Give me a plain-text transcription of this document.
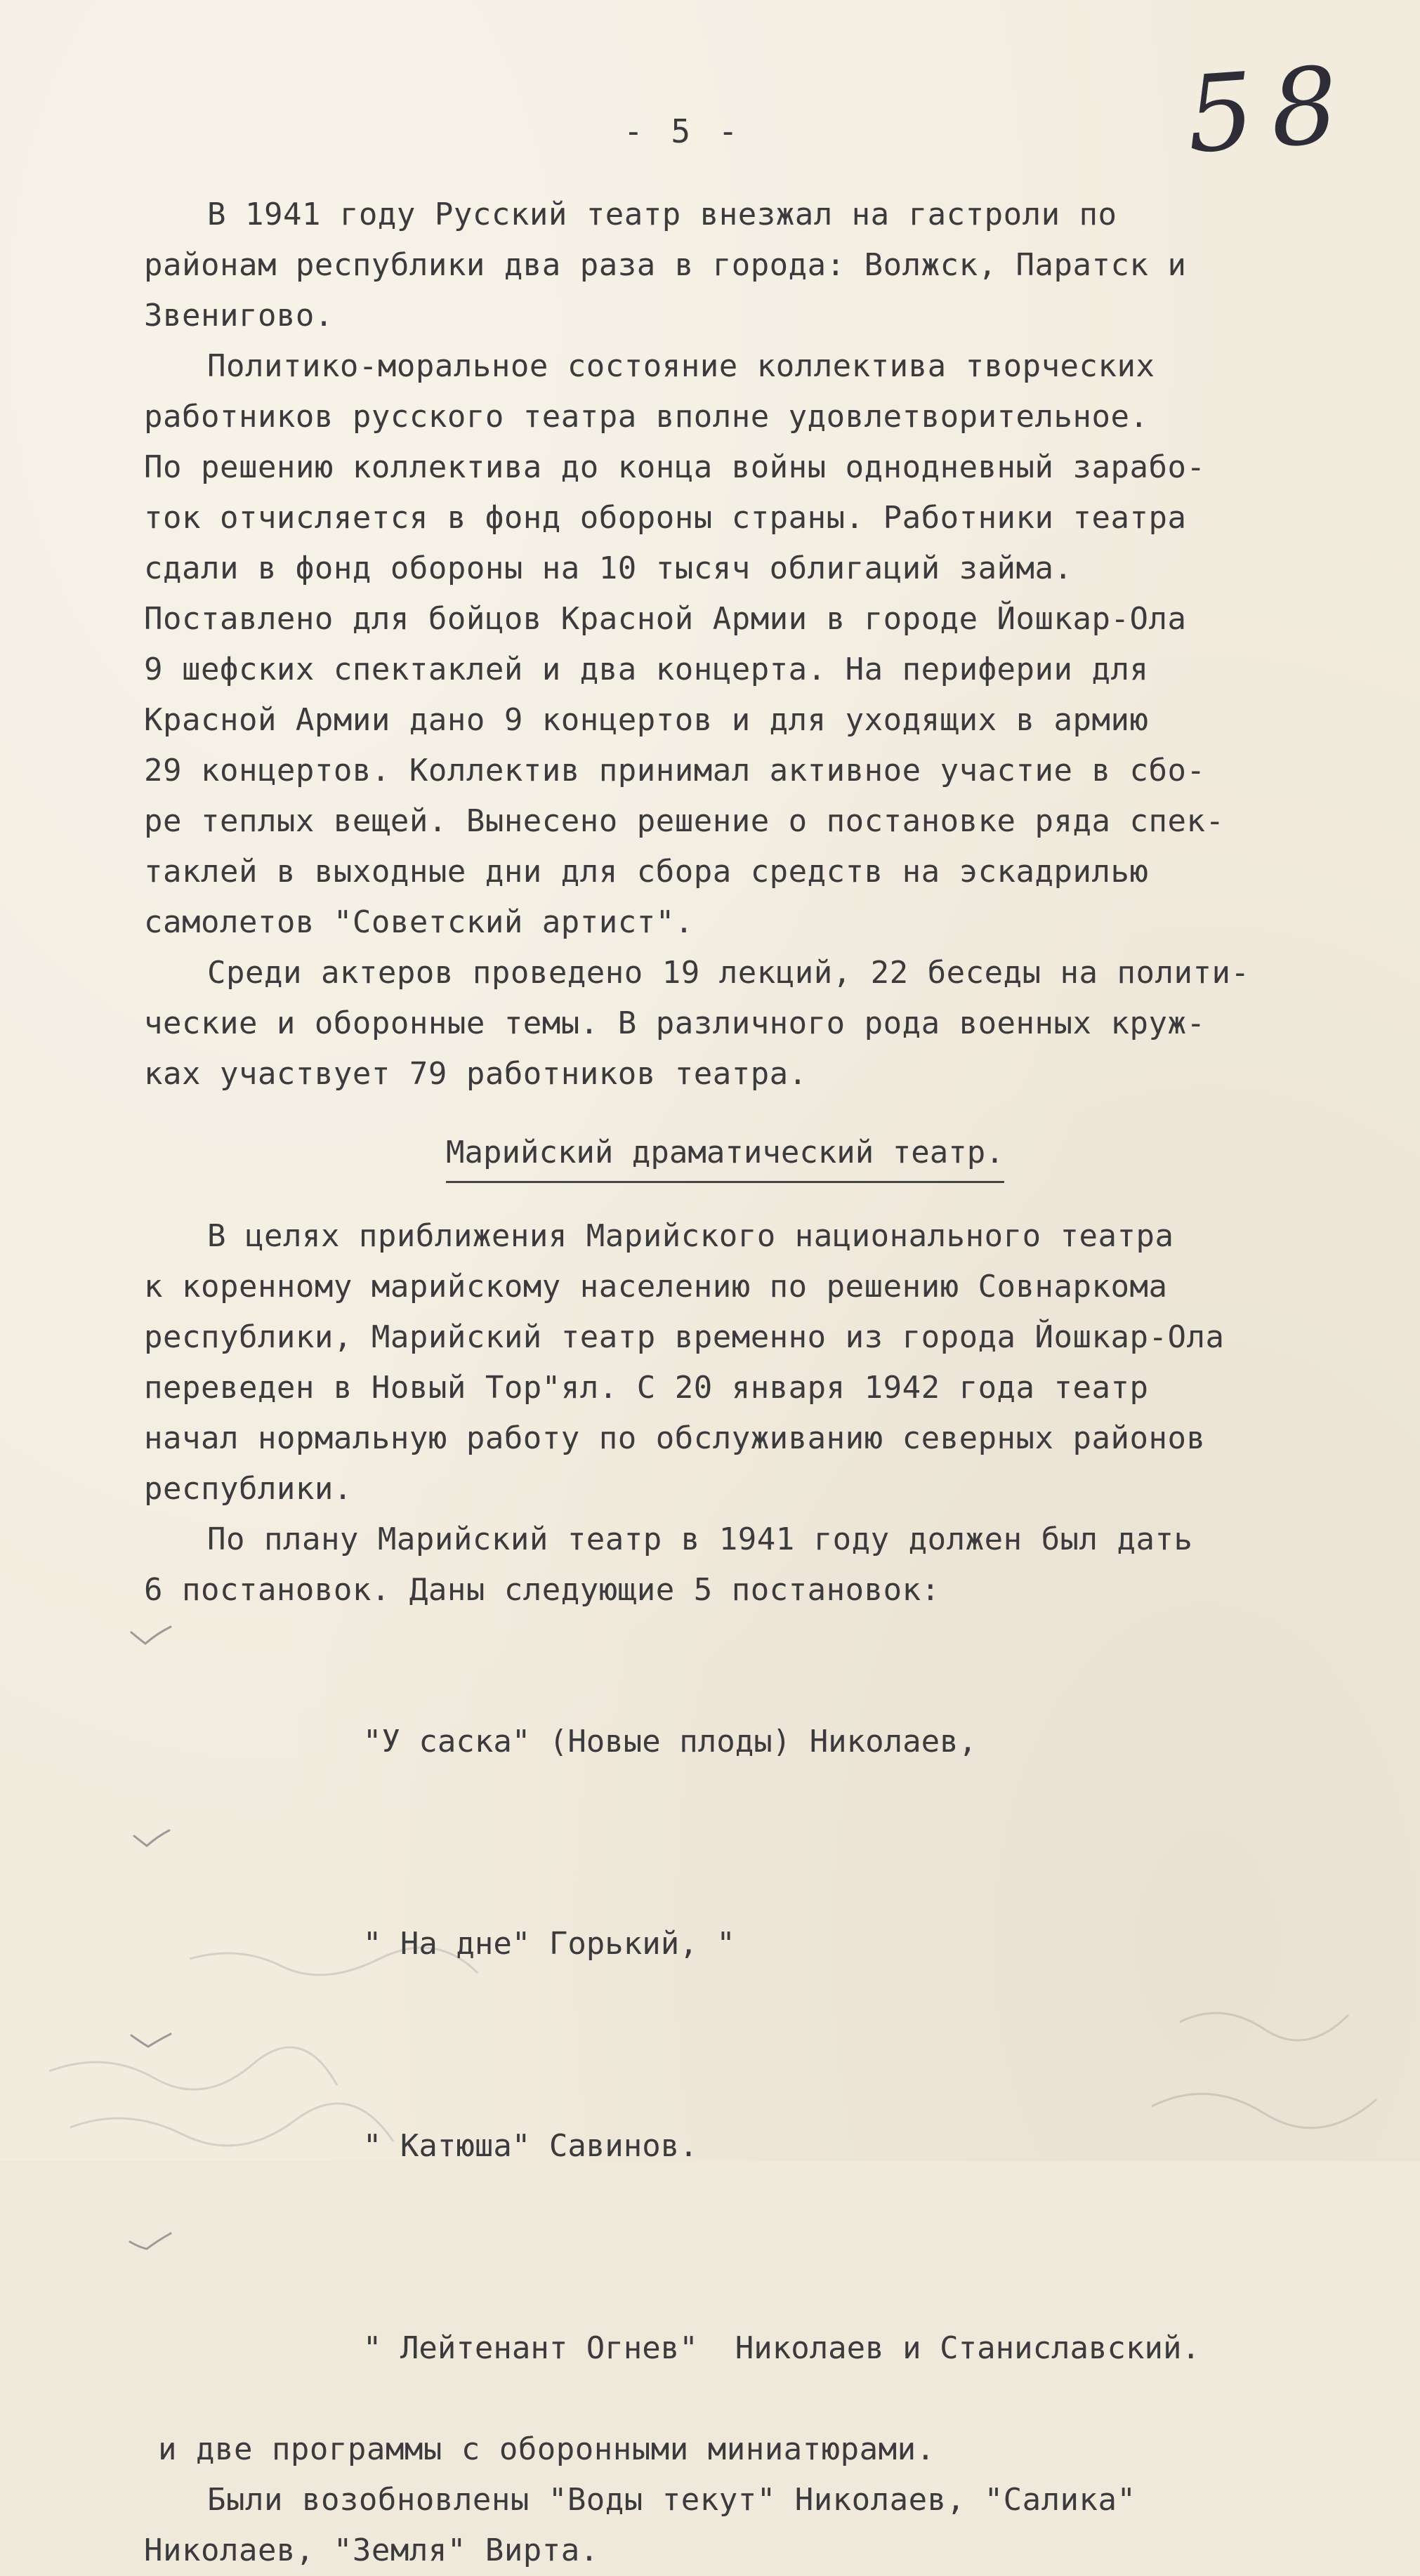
- 5 -	58
В 1941 году Русский театр внезжал на гастроли по
районам республики два раза в города: Волжск, Паратск и
Звенигово.
Политико-моральное состояние коллектива творческих
работников русского театра вполне удовлетворительное.
По решению коллектива до конца войны однодневный зарабо-
ток отчисляется в фонд обороны страны. Работники театра
сдали в фонд обороны на 10 тысяч облигаций займа.
Поставлено для бойцов Красной Армии в городе Йошкар-Ола
9 шефских спектаклей и два концерта. На периферии для
Красной Армии дано 9 концертов и для уходящих в армию
29 концертов. Коллектив принимал активное участие в сбо-
ре теплых вещей. Вынесено решение о постановке ряда спек-
таклей в выходные дни для сбора средств на эскадрилью
самолетов "Советский артист".
Среди актеров проведено 19 лекций, 22 беседы на полити-
ческие и оборонные темы. В различного рода военных круж-
ках участвует 79 работников театра.
Марийский драматический театр.
В целях приближения Марийского национального театра
к коренному марийскому населению по решению Совнаркома
республики, Марийский театр временно из города Йошкар-Ола
переведен в Новый Тор"ял. С 20 января 1942 года театр
начал нормальную работу по обслуживанию северных районов
республики.
По плану Марийский театр в 1941 году должен был дать
6 постановок. Даны следующие 5 постановок:

"У саска" (Новые плоды) Николаев,

" На дне" Горький, "

" Катюша" Савинов.

" Лейтенант Огнев"  Николаев и Станиславский.

и две программы с оборонными миниатюрами.
Были возобновлены "Воды текут" Николаев, "Салика"
Николаев, "Земля" Вирта.
